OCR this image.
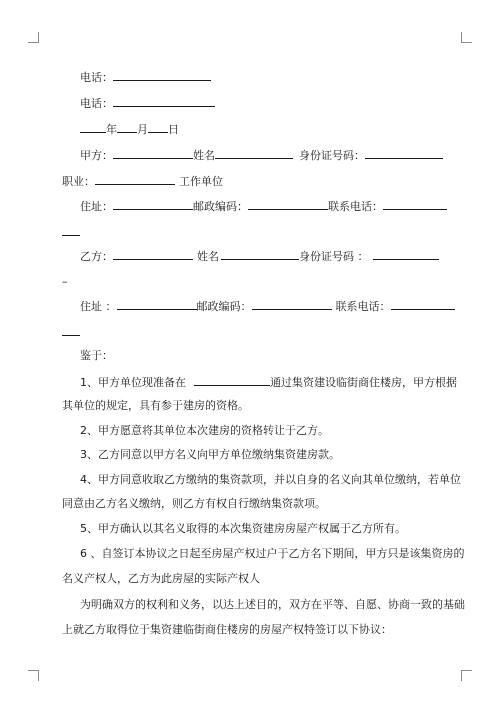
电话：
电话：
年 月 日
甲方：	姓名	身份证号码：
职业：	工作单位
住址：	邮政编码：	联系电话：
乙方：	姓名	身份证号码 ：
–
住址 ：	邮政编码：	联系电话：
鉴于：
1、甲方单位现准备在	通过集资建设临街商住楼房，甲方根据
其单位的规定，具有参于建房的资格。
2、甲方愿意将其单位本次建房的资格转让于乙方。
3、乙方同意以甲方名义向甲方单位缴纳集资建房款。
4、甲方同意收取乙方缴纳的集资款项，并以自身的名义向其单位缴纳，若单位
同意由乙方名义缴纳，则乙方有权自行缴纳集资款项。
5、甲方确认以其名义取得的本次集资建房房屋产权属于乙方所有。
6 、自签订本协议之日起至房屋产权过户于乙方名下期间，甲方只是该集资房的
名义产权人，乙方为此房屋的实际产权人
为明确双方的权利和义务，以达上述目的，双方在平等、自愿、协商一致的基础
上就乙方取得位于集资建临街商住楼房的房屋产权特签订以下协议：
